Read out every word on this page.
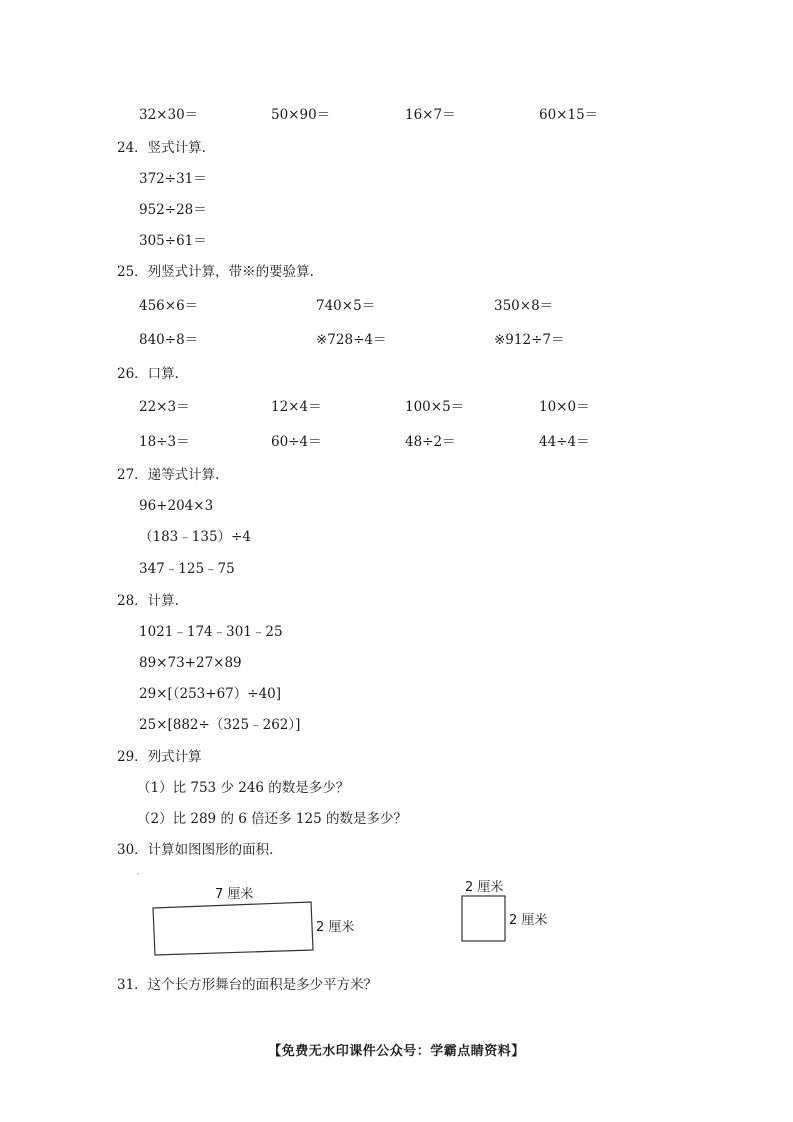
32×30＝	50×90＝	16×7＝	60×15＝
24．竖式计算.
372÷31＝
952÷28＝
305÷61＝
25．列竖式计算，带※的要验算.
456×6＝	740×5＝	350×8＝
840÷8＝	※728÷4＝	※912÷7＝
26．口算.
22×3＝	12×4＝	100×5＝	10×0＝
18÷3＝	60÷4＝	48÷2＝	44÷4＝
27．递等式计算.
96+204×3
（183﹣135）÷4
347﹣125﹣75
28．计算.
1021﹣174﹣301﹣25
89×73+27×89
29×[（253+67）÷40]
25×[882÷（325﹣262）]
29．列式计算
（1）比 753 少 246 的数是多少？
（2）比 289 的 6 倍还多 125 的数是多少？
30．计算如图图形的面积.
7 厘米
2 厘米
2 厘米
2 厘米
31．这个长方形舞台的面积是多少平方米？
【免费无水印课件公众号：学霸点睛资料】
